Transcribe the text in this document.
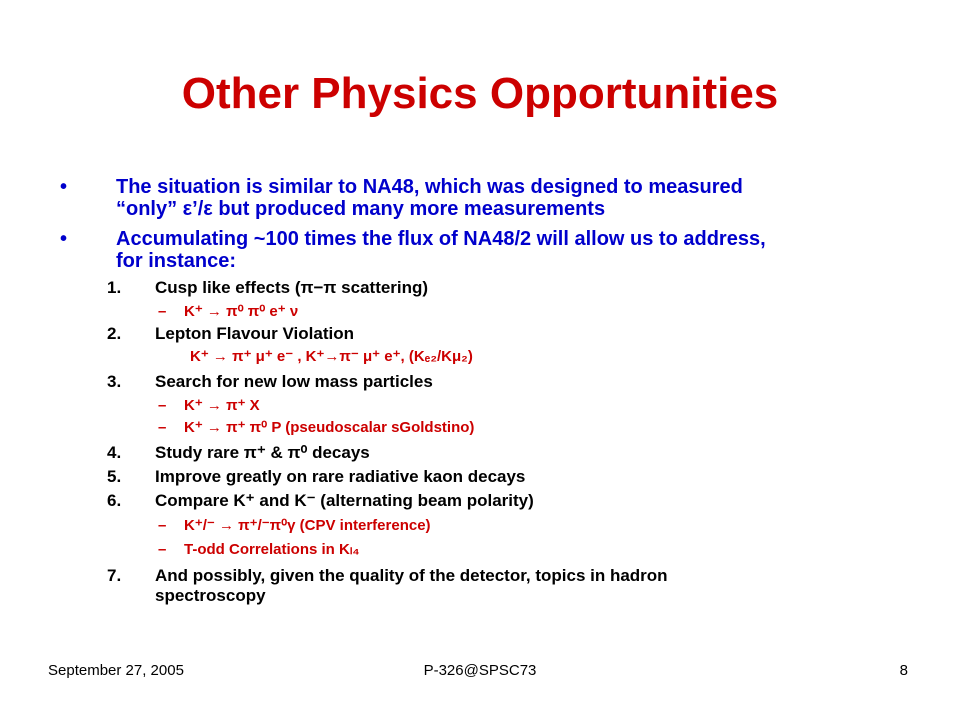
Other Physics Opportunities
• The situation is similar to NA48, which was designed to measured
“only” ε’/ε but produced many more measurements
• Accumulating ~100 times the flux of NA48/2 will allow us to address,
for instance:
1. Cusp like effects (π−π scattering)
– K⁺ → π⁰ π⁰ e⁺ ν
2. Lepton Flavour Violation
K⁺ → π⁺ μ⁺ e⁻ , K⁺→π⁻ μ⁺ e⁺, (Kₑ₂/Kμ₂)
3. Search for new low mass particles
– K⁺ → π⁺ X
– K⁺ → π⁺ π⁰ P (pseudoscalar sGoldstino)
4. Study rare π⁺ & π⁰ decays
5. Improve greatly on rare radiative kaon decays
6. Compare K⁺ and K⁻ (alternating beam polarity)
– K⁺/⁻ → π⁺/⁻π⁰γ (CPV interference)
– T-odd Correlations in Kₗ₄
7. And possibly, given the quality of the detector, topics in hadron
spectroscopy
September 27, 2005	P-326@SPSC73	8
